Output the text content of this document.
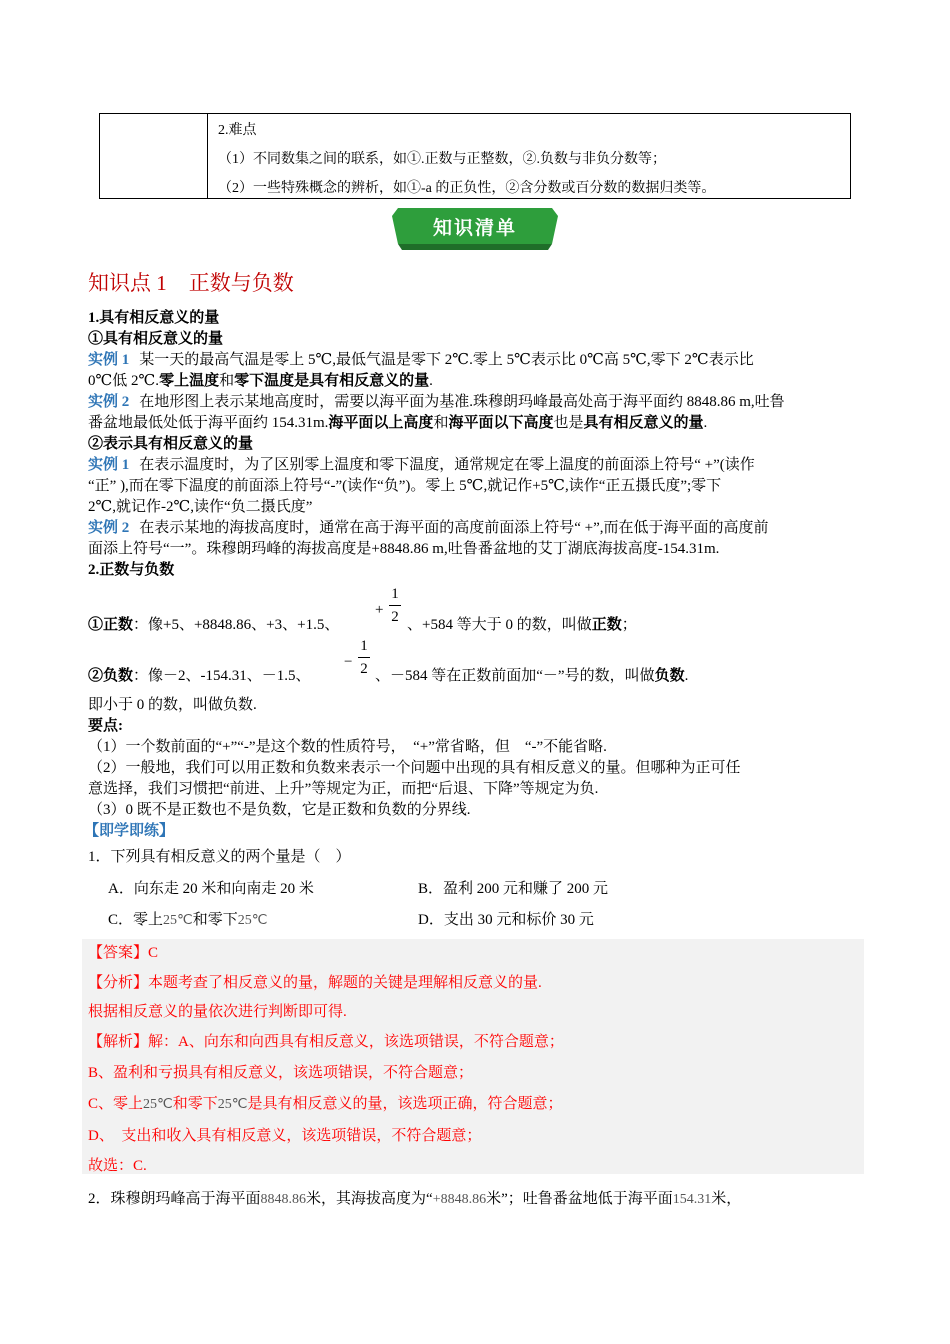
2.难点
（1）不同数集之间的联系，如①.正数与正整数，②.负数与非负分数等；
（2）一些特殊概念的辨析，如①-a 的正负性，②含分数或百分数的数据归类等。
知识清单
知识点 1 正数与负数

1.具有相反意义的量

①具有相反意义的量

实例 1 某一天的最高气温是零上 5℃,最低气温是零下 2℃.零上 5℃表示比 0℃高 5℃,零下 2℃表示比

0℃低 2℃.零上温度和零下温度是具有相反意义的量.

实例 2 在地形图上表示某地高度时，需要以海平面为基准.珠穆朗玛峰最高处高于海平面约 8848.86 m,吐鲁

番盆地最低处低于海平面约 154.31m.海平面以上高度和海平面以下高度也是具有相反意义的量.

②表示具有相反意义的量

实例 1 在表示温度时，为了区别零上温度和零下温度，通常规定在零上温度的前面添上符号“ +”(读作

“正” ),而在零下温度的前面添上符号“-”(读作“负”)。零上 5℃,就记作+5℃,读作“正五摄氏度”;零下

2℃,就记作-2℃,读作“负二摄氏度”

实例 2 在表示某地的海拔高度时，通常在高于海平面的高度前面添上符号“ +”,而在低于海平面的高度前

面添上符号“一”。珠穆朗玛峰的海拔高度是+8848.86 m,吐鲁番盆地的艾丁湖底海拔高度-154.31m.

2.正数与负数

①正数：像+5、+8848.86、+3、+1.5、
+
1
2 、+584 等大于 0 的数，叫做正数；
②负数：像－2、-154.31、－1.5、
−
1
2 、－584 等在正数前面加“－”号的数，叫做负数.

即小于 0 的数，叫做负数.

要点:

（1）一个数前面的“+”“-”是这个数的性质符号，　“+”常省略，但　“-”不能省略.

（2）一般地，我们可以用正数和负数来表示一个问题中出现的具有相反意义的量。但哪种为正可任

意选择，我们习惯把“前进、上升”等规定为正，而把“后退、下降”等规定为负.

（3）0 既不是正数也不是负数，它是正数和负数的分界线.

【即学即练】

1．下列具有相反意义的两个量是（　）
A．向东走 20 米和向南走 20 米	B．盈利 200 元和赚了 200 元
C．零上25℃和零下25℃	D．支出 30 元和标价 30 元
【答案】C
【分析】本题考查了相反意义的量，解题的关键是理解相反意义的量.
根据相反意义的量依次进行判断即可得.
【解析】解：A、向东和向西具有相反意义，该选项错误，不符合题意；
B、盈利和亏损具有相反意义，该选项错误，不符合题意；
C、零上25℃和零下25℃是具有相反意义的量，该选项正确，符合题意；
D、　支出和收入具有相反意义，该选项错误，不符合题意；
故选：C.
2．珠穆朗玛峰高于海平面8848.86米，其海拔高度为“+8848.86米”；吐鲁番盆地低于海平面154.31米，
